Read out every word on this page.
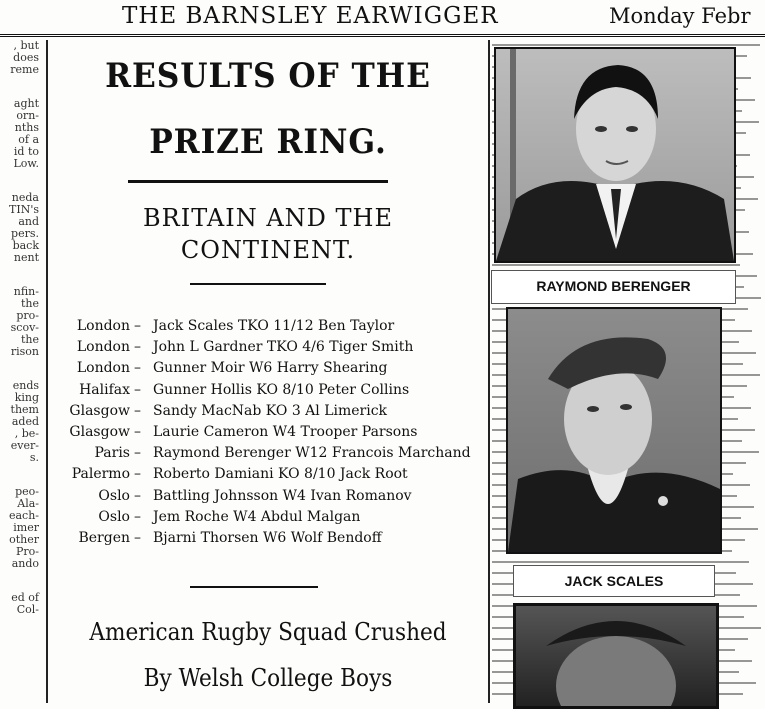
THE BARNSLEY EARWIGGER	Monday Febr
, but
does
reme
aght
orn-
nths
of a
id to
Low.
neda
TIN's
and
pers.
back
nent
nfin-
the
pro-
scov-
the
rison
ends
king
them
aded
, be-
ever-
s.
peo-
Ala-
each-
imer
other
Pro-
ando
ed of
Col-
RESULTS OF THE
PRIZE RING.
BRITAIN AND THE
CONTINENT.
London – Jack Scales TKO 11/12 Ben Taylor
London – John L Gardner TKO 4/6 Tiger Smith
London – Gunner Moir W6 Harry Shearing
Halifax – Gunner Hollis KO 8/10 Peter Collins
Glasgow – Sandy MacNab KO 3 Al Limerick
Glasgow – Laurie Cameron W4 Trooper Parsons
Paris – Raymond Berenger W12 Francois Marchand
Palermo – Roberto Damiani KO 8/10 Jack Root
Oslo – Battling Johnsson W4 Ivan Romanov
Oslo – Jem Roche W4 Abdul Malgan
Bergen – Bjarni Thorsen W6 Wolf Bendoff
American Rugby Squad Crushed
By Welsh College Boys
RAYMOND BERENGER
JACK SCALES
